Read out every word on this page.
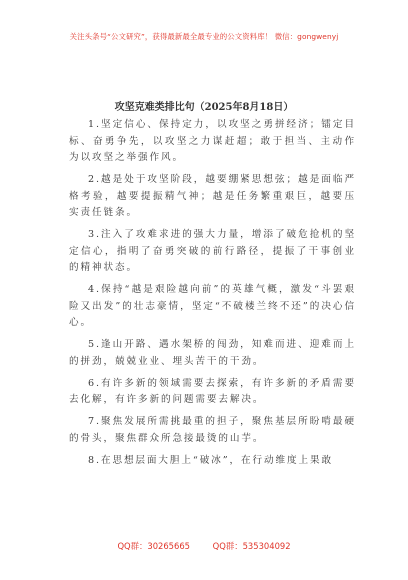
关注头条号“公文研究”，获得最新最全最专业的公文资料库！ 微信：gongwenyj
攻坚克难类排比句（2025年8月18日）

1.坚定信心、保持定力，以攻坚之勇拼经济；镭定目标、奋勇争先，以攻坚之力谋赶超；敢于担当、主动作为以攻坚之举强作风。

2.越是处于攻坚阶段，越要绷紧思想弦；越是面临严格考验，越要提振精气神；越是任务繁重艰巨，越要压实责任链条。

3.注入了攻难求进的强大力量，增添了破危抢机的坚定信心，指明了奋勇突破的前行路径，提振了干事创业的精神状态。

4.保持“越是艰险越向前”的英雄气概，激发“斗罢艰险又出发”的壮志豪情，坚定“不破楼兰终不还”的决心信心。

5.逢山开路、遇水架桥的闯劲，知难而进、迎难而上的拼劲，兢兢业业、埋头苦干的干劲。

6.有许多新的领域需要去探索，有许多新的矛盾需要去化解，有许多新的问题需要去解决。

7.聚焦发展所需挑最重的担子，聚焦基层所盼啃最硬的骨头，聚焦群众所急接最烫的山芋。

8.在思想层面大胆上“破冰”，在行动维度上果敢

QQ群：30265665	QQ群：535304092
